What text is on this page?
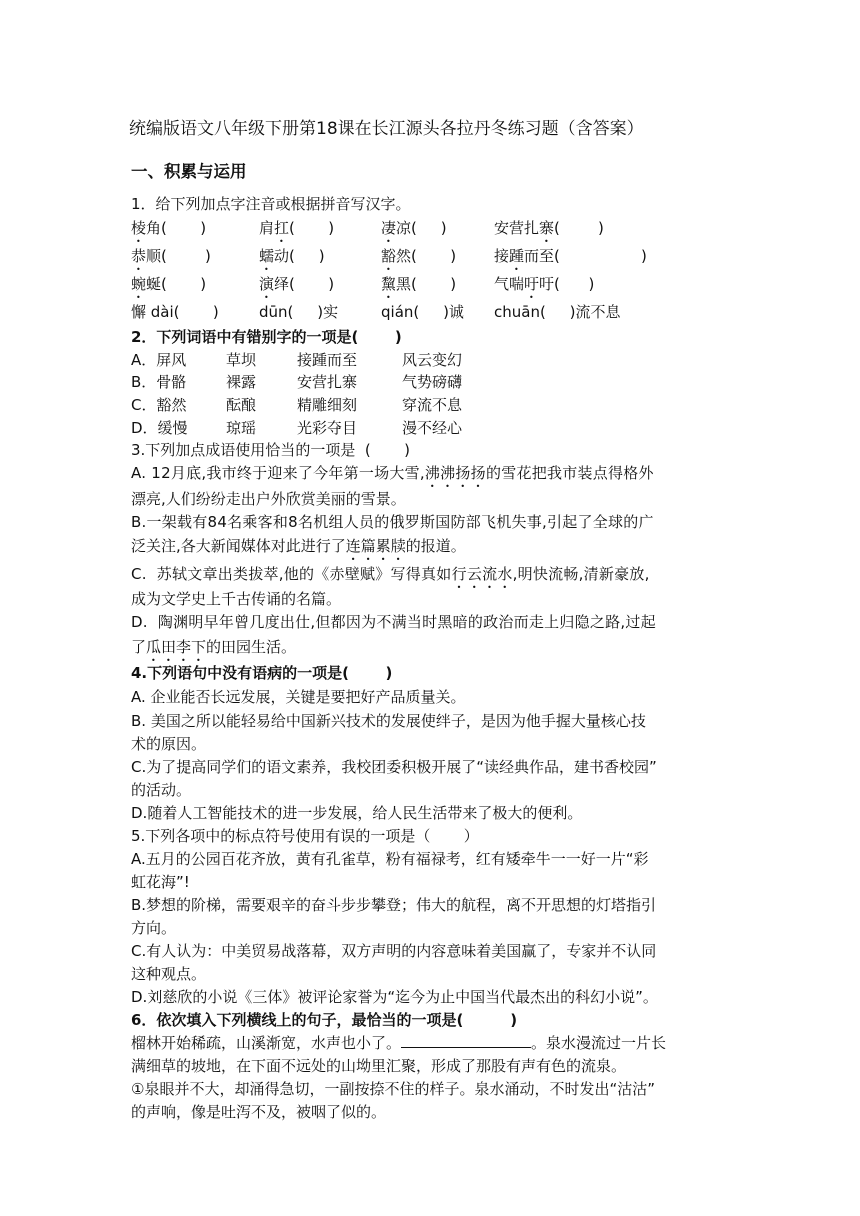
统编版语文八年级下册第18课在长江源头各拉丹冬练习题（含答案）
一、积累与运用
1．给下列加点字注音或根据拼音写汉字。
棱角(       )	肩扛(       )	凄凉(     )	安营扎寨(        )
恭顺(        )	蠕动(     )	豁然(       )	接踵而至(                 )
蜿蜒(       )	演绎(       )	黧黑(       )	气喘吁吁(      )
懈 dài(       )	dūn(     )实	qián(     )诚 chuān(     )流不息
2．下列词语中有错别字的一项是(       )
A．屏风	草坝	接踵而至	风云变幻
B．骨骼	裸露	安营扎寨	气势磅礴
C．豁然	酝酿	精雕细刻	穿流不息
D．缓慢	琼瑶	光彩夺目	漫不经心
3.下列加点成语使用恰当的一项是  (       )
A. 12月底,我市终于迎来了今年第一场大雪,沸沸扬扬的雪花把我市装点得格外
漂亮,人们纷纷走出户外欣赏美丽的雪景。
B.一架载有84名乘客和8名机组人员的俄罗斯国防部飞机失事,引起了全球的广
泛关注,各大新闻媒体对此进行了连篇累牍的报道。
C.  苏轼文章出类拔萃,他的《赤壁赋》写得真如行云流水,明快流畅,清新豪放,
成为文学史上千古传诵的名篇。
D.  陶渊明早年曾几度出仕,但都因为不满当时黑暗的政治而走上归隐之路,过起
了瓜田李下的田园生活。
4.下列语句中没有语病的一项是(       )
A. 企业能否长远发展，关键是要把好产品质量关。
B. 美国之所以能轻易给中国新兴技术的发展使绊子，是因为他手握大量核心技
术的原因。
C.为了提高同学们的语文素养，我校团委积极开展了“读经典作品，建书香校园”
的活动。
D.随着人工智能技术的进一步发展，给人民生活带来了极大的便利。
5.下列各项中的标点符号使用有误的一项是（       ）
A.五月的公园百花齐放，黄有孔雀草，粉有福禄考，红有矮牵牛一一好一片“彩
虹花海”!
B.梦想的阶梯，需要艰辛的奋斗步步攀登；伟大的航程，离不开思想的灯塔指引
方向。
C.有人认为：中美贸易战落幕，双方声明的内容意味着美国赢了，专家并不认同
这种观点。
D.刘慈欣的小说《三体》被评论家誉为“迄今为止中国当代最杰出的科幻小说”。
6．依次填入下列横线上的句子，最恰当的一项是(         )
榴林开始稀疏，山溪渐宽，水声也小了。	。泉水漫流过一片长
满细草的坡地，在下面不远处的山坳里汇聚，形成了那股有声有色的流泉。
①泉眼并不大，却涌得急切，一副按捺不住的样子。泉水涌动，不时发出“沽沽”
的声响，像是吐泻不及，被咽了似的。
